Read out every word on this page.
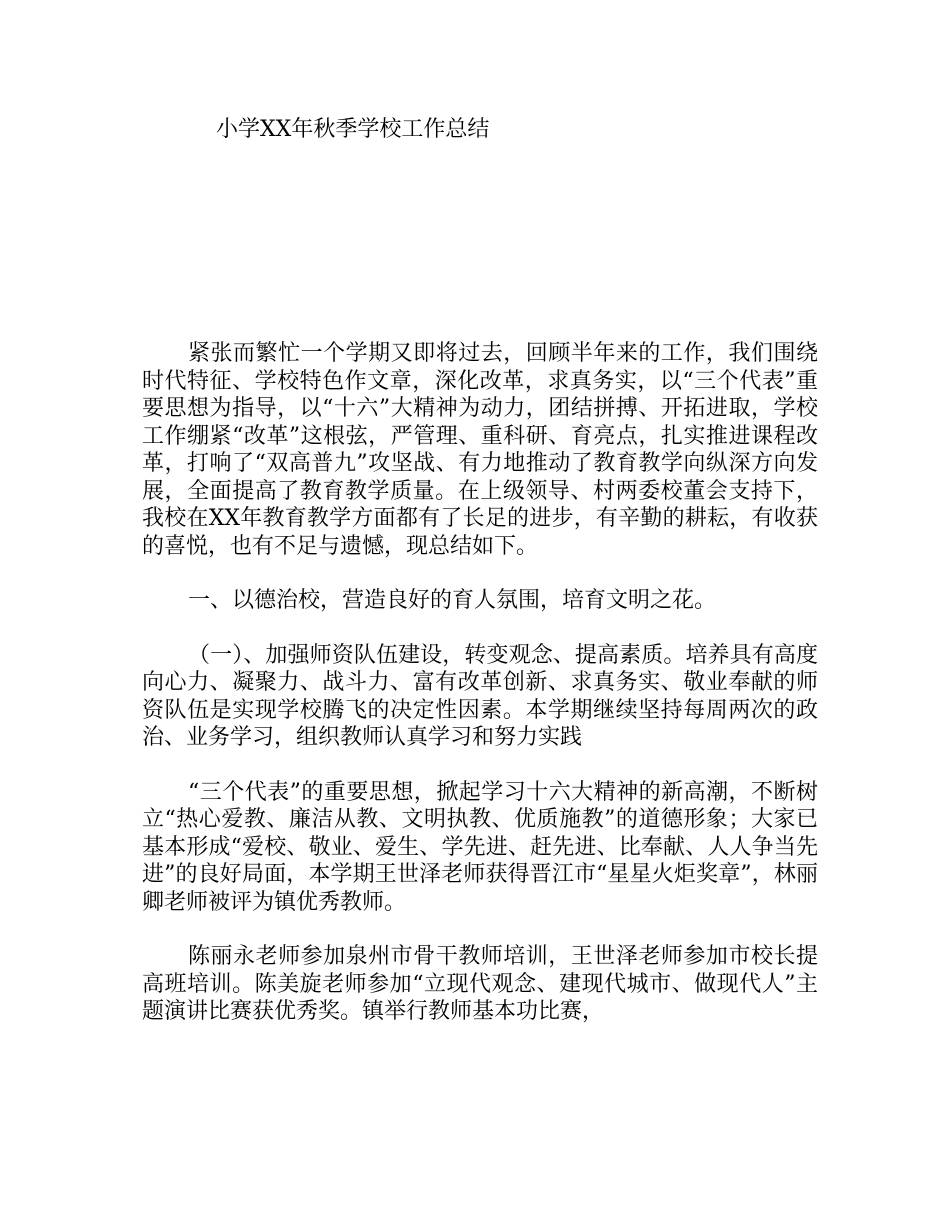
小学XX年秋季学校工作总结

紧张而繁忙一个学期又即将过去，回顾半年来的工作，我们围绕时代特征、学校特色作文章，深化改革，求真务实，以“三个代表”重要思想为指导，以“十六”大精神为动力，团结拼搏、开拓进取，学校工作绷紧“改革”这根弦，严管理、重科研、育亮点，扎实推进课程改革，打响了“双高普九”攻坚战、有力地推动了教育教学向纵深方向发展，全面提高了教育教学质量。在上级领导、村两委校董会支持下，我校在XX年教育教学方面都有了长足的进步，有辛勤的耕耘，有收获的喜悦，也有不足与遗憾，现总结如下。

一、以德治校，营造良好的育人氛围，培育文明之花。

（一）、加强师资队伍建设，转变观念、提高素质。培养具有高度向心力、凝聚力、战斗力、富有改革创新、求真务实、敬业奉献的师资队伍是实现学校腾飞的决定性因素。本学期继续坚持每周两次的政治、业务学习，组织教师认真学习和努力实践

“三个代表”的重要思想，掀起学习十六大精神的新高潮，不断树立“热心爱教、廉洁从教、文明执教、优质施教”的道德形象；大家已基本形成“爱校、敬业、爱生、学先进、赶先进、比奉献、人人争当先进”的良好局面，本学期王世泽老师获得晋江市“星星火炬奖章”，林丽卿老师被评为镇优秀教师。

陈丽永老师参加泉州市骨干教师培训，王世泽老师参加市校长提高班培训。陈美旋老师参加“立现代观念、建现代城市、做现代人”主题演讲比赛获优秀奖。镇举行教师基本功比赛，
